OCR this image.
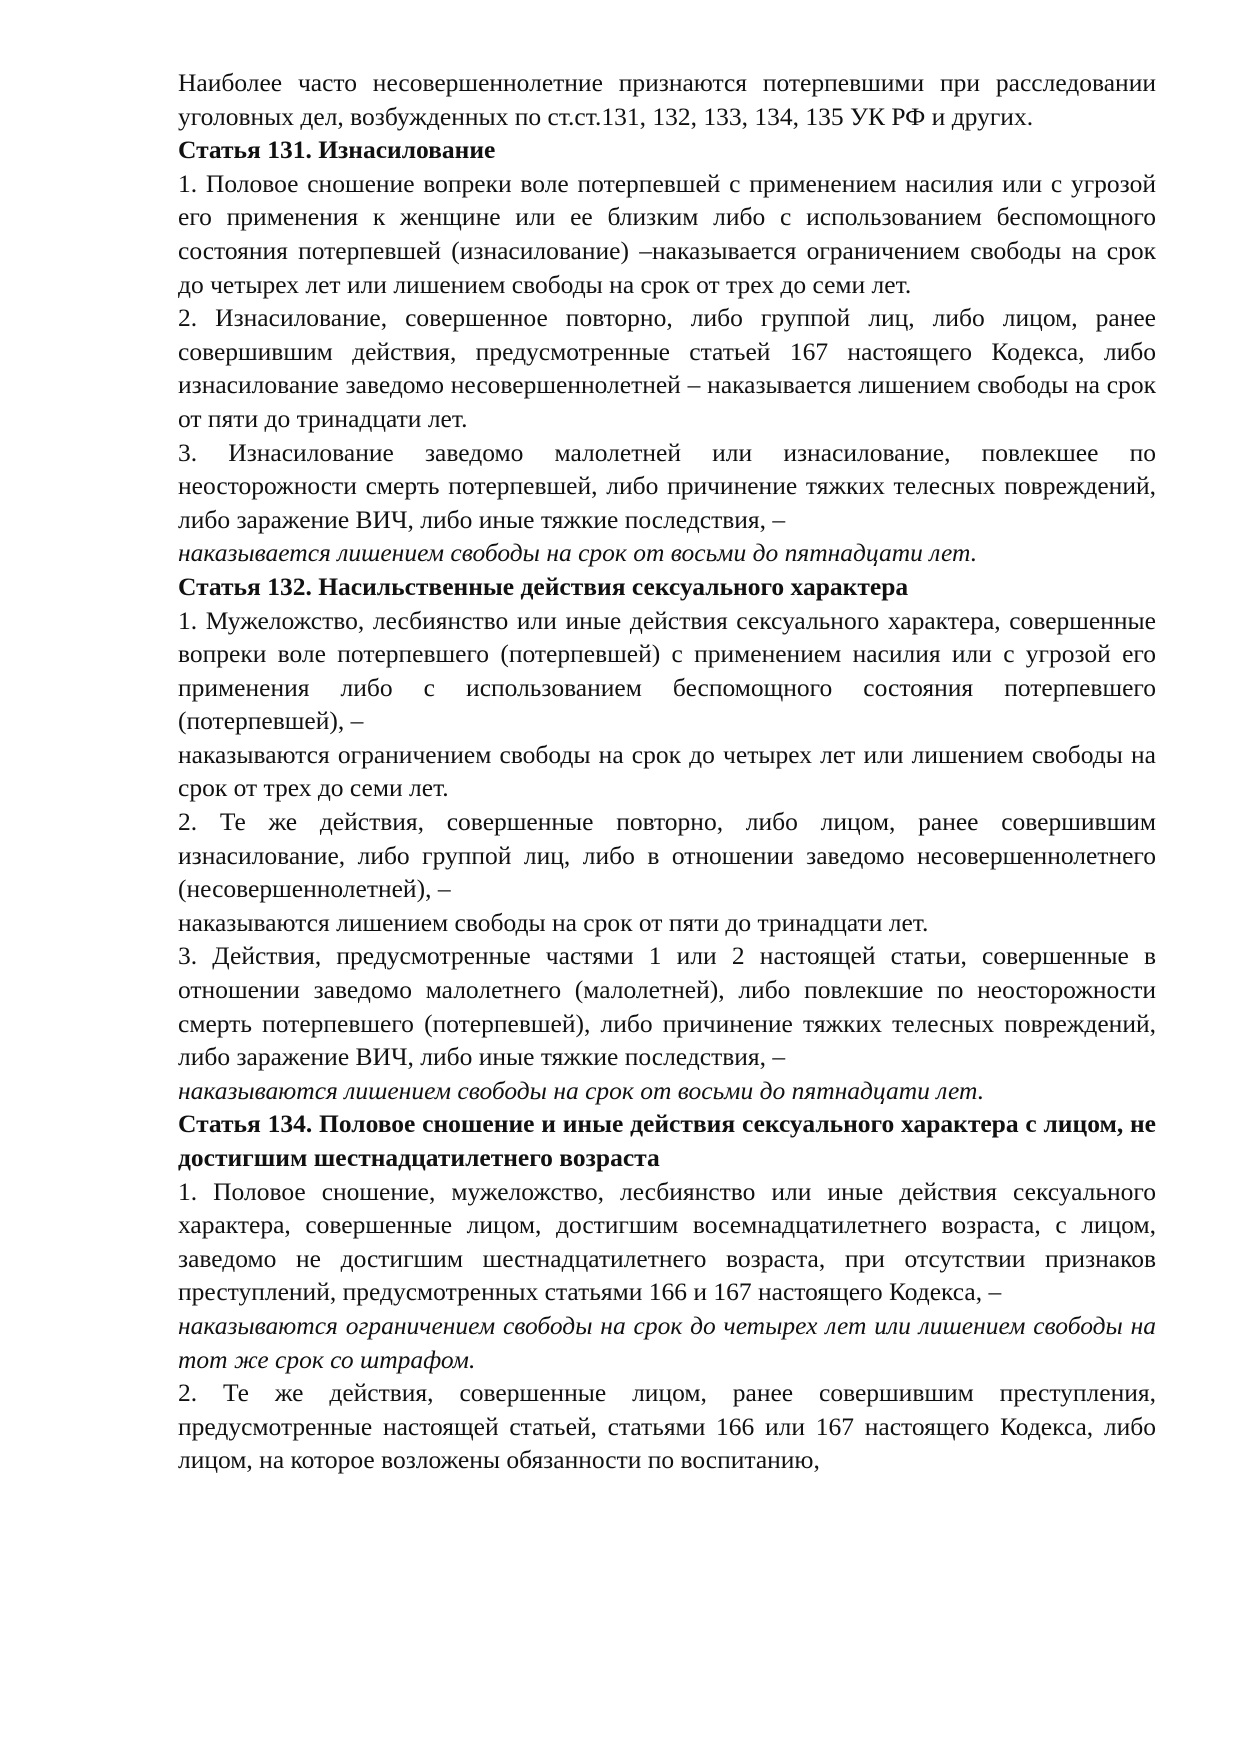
Наиболее часто несовершеннолетние признаются потерпевшими при расследовании уголовных дел, возбужденных по ст.ст.131, 132, 133, 134, 135 УК РФ и других.

Статья 131. Изнасилование

1. Половое сношение вопреки воле потерпевшей с применением насилия или с угрозой его применения к женщине или ее близким либо с использованием беспомощного состояния потерпевшей (изнасилование) –наказывается ограничением свободы на срок до четырех лет или лишением свободы на срок от трех до семи лет.

2. Изнасилование, совершенное повторно, либо группой лиц, либо лицом, ранее совершившим действия, предусмотренные статьей 167 настоящего Кодекса, либо изнасилование заведомо несовершеннолетней – наказывается лишением свободы на срок от пяти до тринадцати лет.

3. Изнасилование заведомо малолетней или изнасилование, повлекшее по неосторожности смерть потерпевшей, либо причинение тяжких телесных повреждений, либо заражение ВИЧ, либо иные тяжкие последствия, –

наказывается лишением свободы на срок от восьми до пятнадцати лет.

Статья 132. Насильственные действия сексуального характера

1. Мужеложство, лесбиянство или иные действия сексуального характера, совершенные вопреки воле потерпевшего (потерпевшей) с применением насилия или с угрозой его применения либо с использованием беспомощного состояния потерпевшего (потерпевшей), –

наказываются ограничением свободы на срок до четырех лет или лишением свободы на срок от трех до семи лет.

2. Те же действия, совершенные повторно, либо лицом, ранее совершившим изнасилование, либо группой лиц, либо в отношении заведомо несовершеннолетнего (несовершеннолетней), –

наказываются лишением свободы на срок от пяти до тринадцати лет.

3. Действия, предусмотренные частями 1 или 2 настоящей статьи, совершенные в отношении заведомо малолетнего (малолетней), либо повлекшие по неосторожности смерть потерпевшего (потерпевшей), либо причинение тяжких телесных повреждений, либо заражение ВИЧ, либо иные тяжкие последствия, –

наказываются лишением свободы на срок от восьми до пятнадцати лет.

Статья 134. Половое сношение и иные действия сексуального характера с лицом, не достигшим шестнадцатилетнего возраста

1. Половое сношение, мужеложство, лесбиянство или иные действия сексуального характера, совершенные лицом, достигшим восемнадцатилетнего возраста, с лицом, заведомо не достигшим шестнадцатилетнего возраста, при отсутствии признаков преступлений, предусмотренных статьями 166 и 167 настоящего Кодекса, –

наказываются ограничением свободы на срок до четырех лет или лишением свободы на тот же срок со штрафом.

2. Те же действия, совершенные лицом, ранее совершившим преступления, предусмотренные настоящей статьей, статьями 166 или 167 настоящего Кодекса, либо лицом, на которое возложены обязанности по воспитанию,
